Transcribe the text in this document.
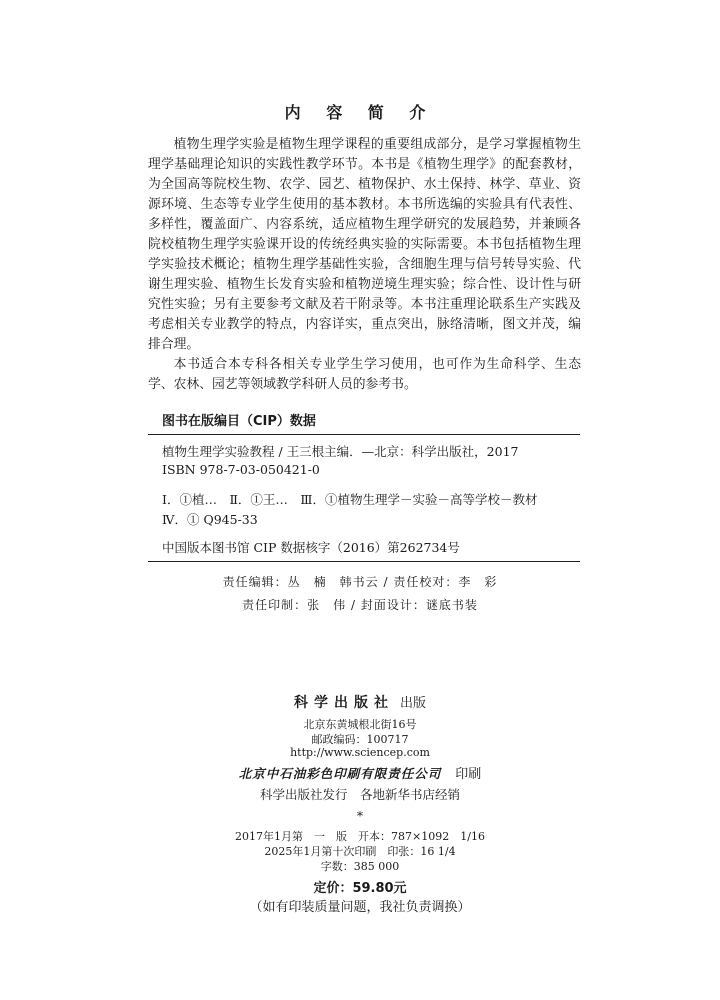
内 容 简 介

植物生理学实验是植物生理学课程的重要组成部分，是学习掌握植物生理学基础理论知识的实践性教学环节。本书是《植物生理学》的配套教材，为全国高等院校生物、农学、园艺、植物保护、水土保持、林学、草业、资源环境、生态等专业学生使用的基本教材。本书所选编的实验具有代表性、多样性，覆盖面广、内容系统，适应植物生理学研究的发展趋势，并兼顾各院校植物生理学实验课开设的传统经典实验的实际需要。本书包括植物生理学实验技术概论；植物生理学基础性实验，含细胞生理与信号转导实验、代谢生理实验、植物生长发育实验和植物逆境生理实验；综合性、设计性与研究性实验；另有主要参考文献及若干附录等。本书注重理论联系生产实践及考虑相关专业教学的特点，内容详实，重点突出，脉络清晰，图文并茂，编排合理。

本书适合本专科各相关专业学生学习使用，也可作为生命科学、生态学、农林、园艺等领域教学科研人员的参考书。

图书在版编目（CIP）数据
植物生理学实验教程 / 王三根主编．—北京：科学出版社，2017
ISBN 978-7-03-050421-0
Ⅰ．①植…　Ⅱ．①王…　Ⅲ．①植物生理学－实验－高等学校－教材
Ⅳ．① Q945-33
中国版本图书馆 CIP 数据核字（2016）第262734号
责任编辑：丛　楠　韩书云 / 责任校对：李　彩
责任印制：张　伟 / 封面设计：谜底书装
科学出版社 出版
北京东黄城根北街16号
邮政编码：100717
http://www.sciencep.com
北京中石油彩色印刷有限责任公司 印刷
科学出版社发行　各地新华书店经销
*
2017年1月第　一　版　开本：787×1092　1/16
2025年1月第十次印刷　印张：16 1/4
字数：385 000
定价：59.80元
（如有印装质量问题，我社负责调换）
